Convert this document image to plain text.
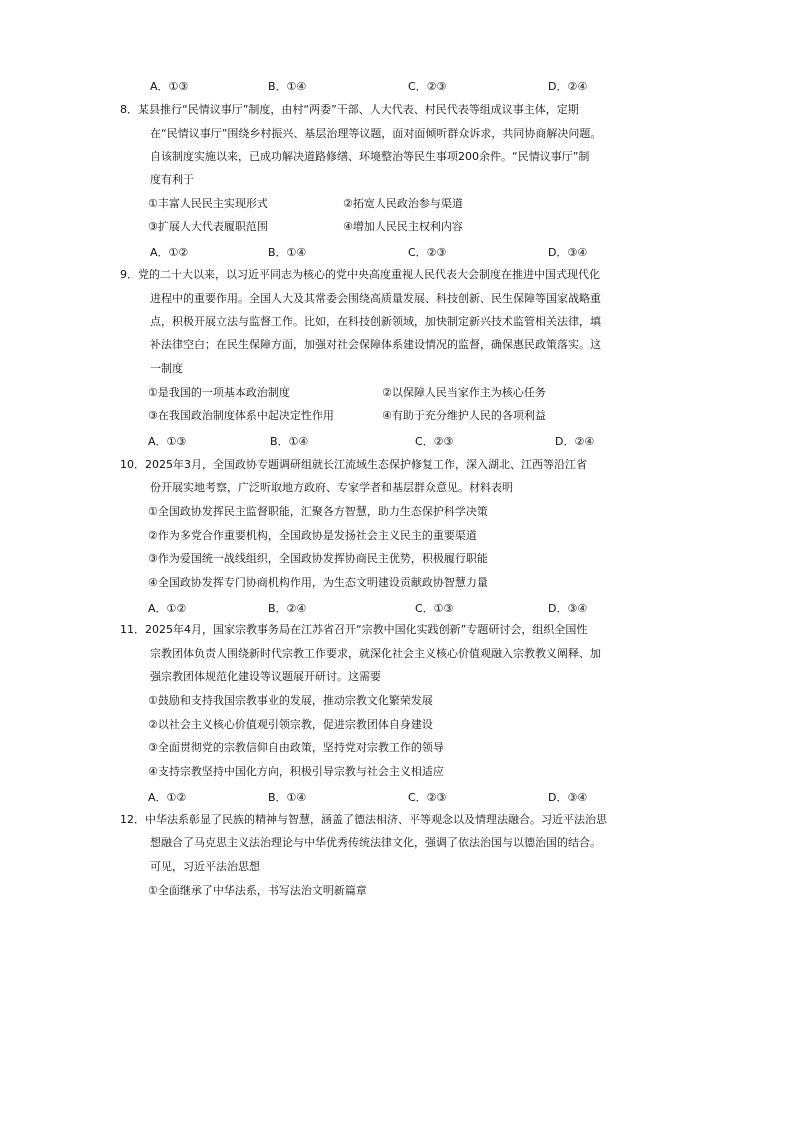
A．①③	B．①④	C．②③	D．②④
8．某县推行“民情议事厅”制度，由村“两委”干部、人大代表、村民代表等组成议事主体，定期
在“民情议事厅”围绕乡村振兴、基层治理等议题，面对面倾听群众诉求，共同协商解决问题。
自该制度实施以来，已成功解决道路修缮、环境整治等民生事项200余件。“民情议事厅”制
度有利于
①丰富人民民主实现形式	②拓宽人民政治参与渠道
③扩展人大代表履职范围	④增加人民民主权利内容
A．①②	B．①④	C．②③	D．③④
9．党的二十大以来，以习近平同志为核心的党中央高度重视人民代表大会制度在推进中国式现代化
进程中的重要作用。全国人大及其常委会围绕高质量发展、科技创新、民生保障等国家战略重
点，积极开展立法与监督工作。比如，在科技创新领域，加快制定新兴技术监管相关法律，填
补法律空白；在民生保障方面，加强对社会保障体系建设情况的监督，确保惠民政策落实。这
一制度
①是我国的一项基本政治制度	②以保障人民当家作主为核心任务
③在我国政治制度体系中起决定性作用	④有助于充分维护人民的各项利益
A．①③	B．①④	C．②③	D．②④
10．2025年3月，全国政协专题调研组就长江流域生态保护修复工作，深入湖北、江西等沿江省
份开展实地考察，广泛听取地方政府、专家学者和基层群众意见。材料表明
①全国政协发挥民主监督职能，汇聚各方智慧，助力生态保护科学决策
②作为多党合作重要机构，全国政协是发扬社会主义民主的重要渠道
③作为爱国统一战线组织，全国政协发挥协商民主优势，积极履行职能
④全国政协发挥专门协商机构作用，为生态文明建设贡献政协智慧力量
A．①②	B．②④	C．①③	D．③④
11．2025年4月，国家宗教事务局在江苏省召开“宗教中国化实践创新”专题研讨会，组织全国性
宗教团体负责人围绕新时代宗教工作要求，就深化社会主义核心价值观融入宗教教义阐释、加
强宗教团体规范化建设等议题展开研讨。这需要
①鼓励和支持我国宗教事业的发展，推动宗教文化繁荣发展
②以社会主义核心价值观引领宗教，促进宗教团体自身建设
③全面贯彻党的宗教信仰自由政策，坚持党对宗教工作的领导
④支持宗教坚持中国化方向，积极引导宗教与社会主义相适应
A．①②	B．①④	C．②③	D．③④
12．中华法系彰显了民族的精神与智慧，涵盖了德法相济、平等观念以及情理法融合。习近平法治思
想融合了马克思主义法治理论与中华优秀传统法律文化，强调了依法治国与以德治国的结合。
可见，习近平法治思想
①全面继承了中华法系，书写法治文明新篇章
